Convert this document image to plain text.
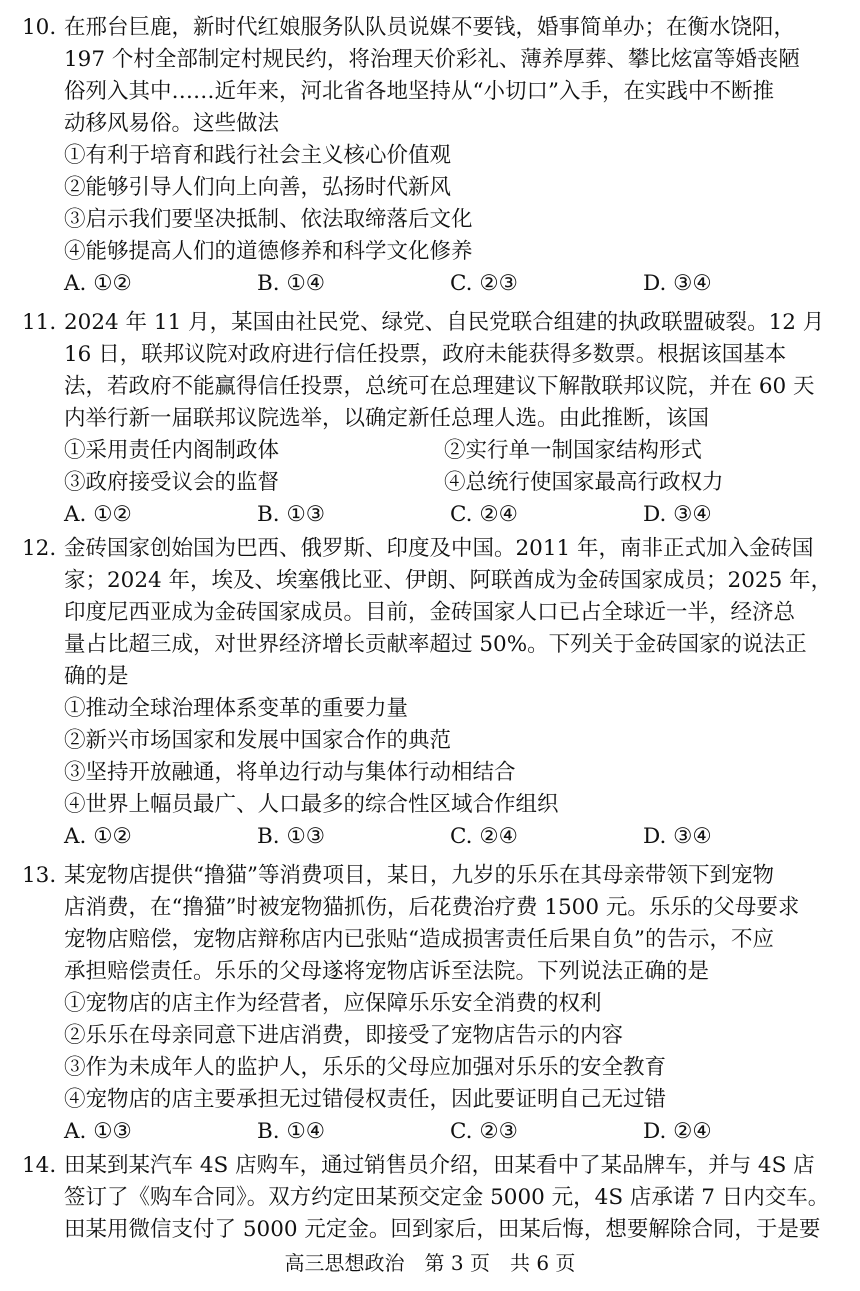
10. 在邢台巨鹿，新时代红娘服务队队员说媒不要钱，婚事简单办；在衡水饶阳，

197 个村全部制定村规民约，将治理天价彩礼、薄养厚葬、攀比炫富等婚丧陋

俗列入其中……近年来，河北省各地坚持从“小切口”入手，在实践中不断推

动移风易俗。这些做法

①有利于培育和践行社会主义核心价值观

②能够引导人们向上向善，弘扬时代新风

③启示我们要坚决抵制、依法取缔落后文化

④能够提高人们的道德修养和科学文化修养

A. ①②	B. ①④	C. ②③	D. ③④
11. 2024 年 11 月，某国由社民党、绿党、自民党联合组建的执政联盟破裂。12 月

16 日，联邦议院对政府进行信任投票，政府未能获得多数票。根据该国基本

法，若政府不能赢得信任投票，总统可在总理建议下解散联邦议院，并在 60 天

内举行新一届联邦议院选举，以确定新任总理人选。由此推断，该国

①采用责任内阁制政体	②实行单一制国家结构形式
③政府接受议会的监督	④总统行使国家最高行政权力
A. ①②	B. ①③	C. ②④	D. ③④
12. 金砖国家创始国为巴西、俄罗斯、印度及中国。2011 年，南非正式加入金砖国

家；2024 年，埃及、埃塞俄比亚、伊朗、阿联酋成为金砖国家成员；2025 年，

印度尼西亚成为金砖国家成员。目前，金砖国家人口已占全球近一半，经济总

量占比超三成，对世界经济增长贡献率超过 50%。下列关于金砖国家的说法正

确的是

①推动全球治理体系变革的重要力量

②新兴市场国家和发展中国家合作的典范

③坚持开放融通，将单边行动与集体行动相结合

④世界上幅员最广、人口最多的综合性区域合作组织

A. ①②	B. ①③	C. ②④	D. ③④
13. 某宠物店提供“撸猫”等消费项目，某日，九岁的乐乐在其母亲带领下到宠物

店消费，在“撸猫”时被宠物猫抓伤，后花费治疗费 1500 元。乐乐的父母要求

宠物店赔偿，宠物店辩称店内已张贴“造成损害责任后果自负”的告示，不应

承担赔偿责任。乐乐的父母遂将宠物店诉至法院。下列说法正确的是

①宠物店的店主作为经营者，应保障乐乐安全消费的权利

②乐乐在母亲同意下进店消费，即接受了宠物店告示的内容

③作为未成年人的监护人，乐乐的父母应加强对乐乐的安全教育

④宠物店的店主要承担无过错侵权责任，因此要证明自己无过错

A. ①③	B. ①④	C. ②③	D. ②④
14. 田某到某汽车 4S 店购车，通过销售员介绍，田某看中了某品牌车，并与 4S 店

签订了《购车合同》。双方约定田某预交定金 5000 元，4S 店承诺 7 日内交车。

田某用微信支付了 5000 元定金。回到家后，田某后悔，想要解除合同，于是要

高三思想政治　第 3 页　共 6 页
